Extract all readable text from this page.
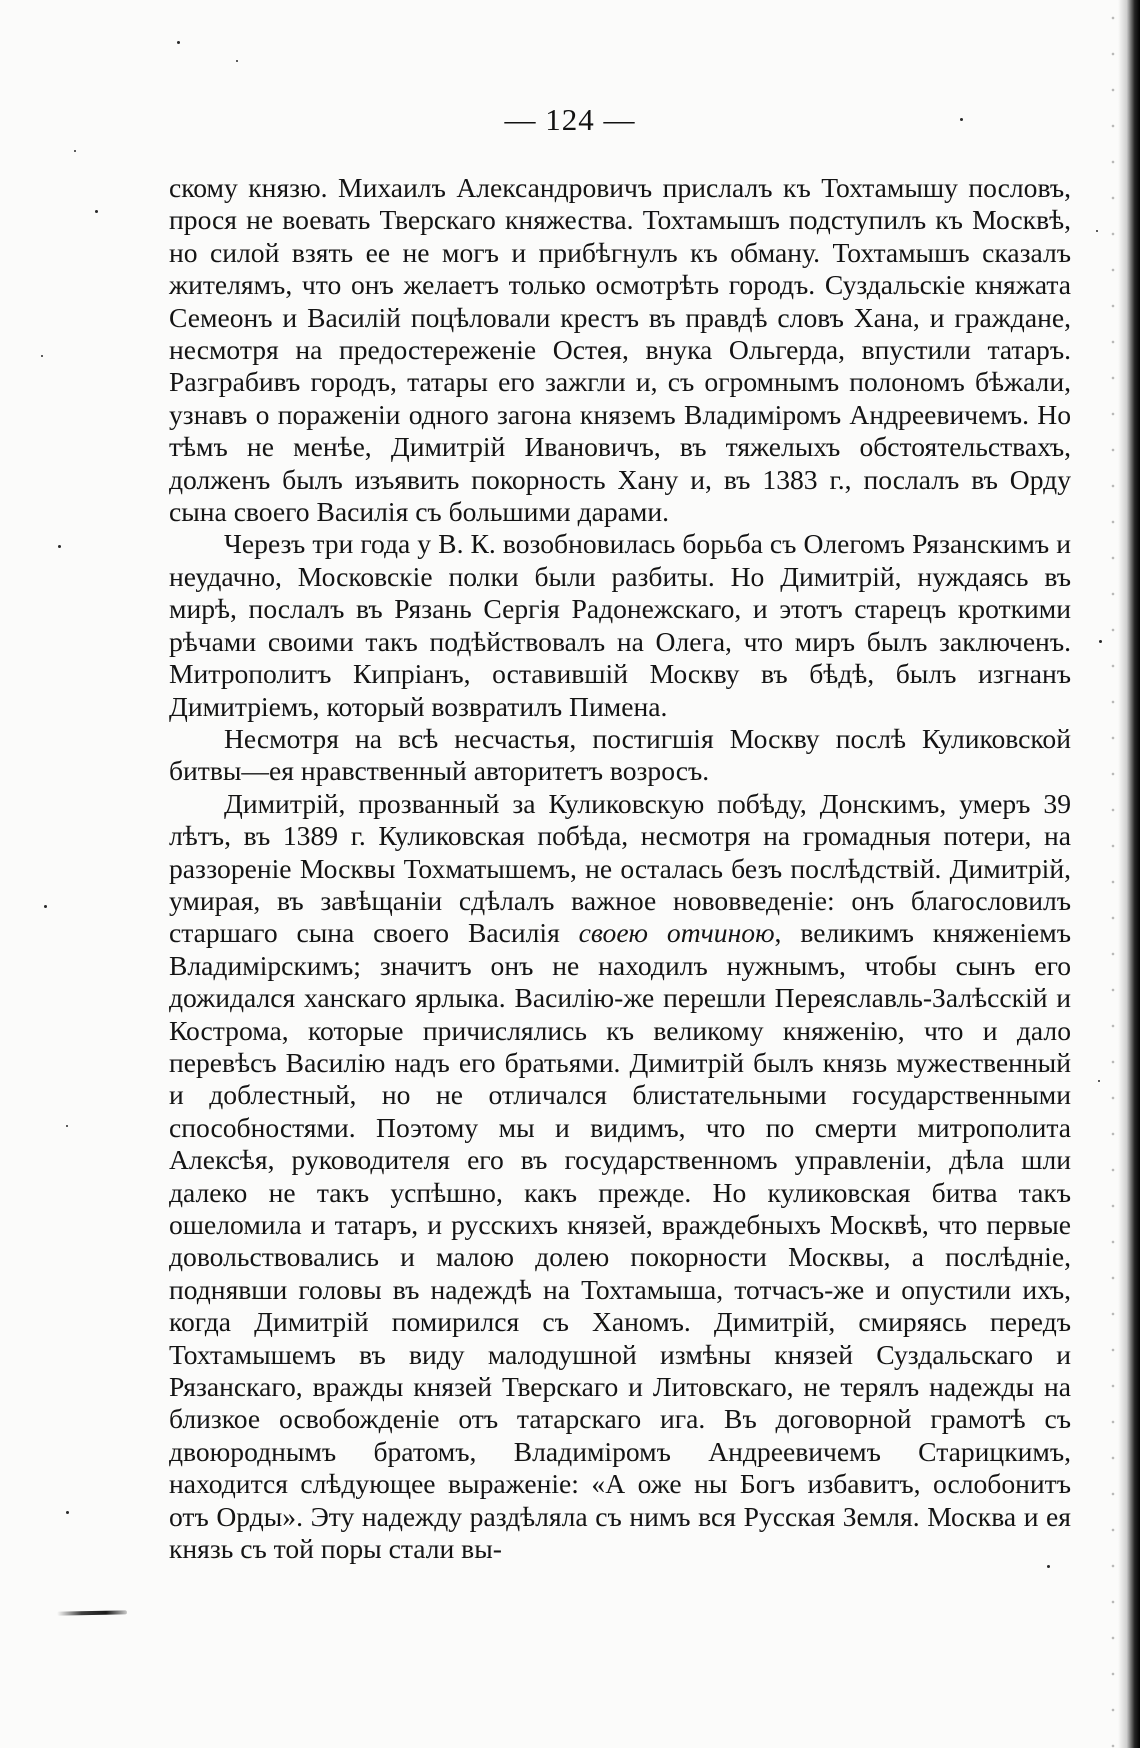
— 124 —

скому князю. Михаилъ Александровичъ прислалъ къ Тохтамышу пословъ, прося не воевать Тверскаго княжества. Тохтамышъ подступилъ къ Москвѣ, но силой взять ее не могъ и прибѣгнулъ къ обману. Тохтамышъ сказалъ жителямъ, что онъ желаетъ только осмотрѣть городъ. Суздальскіе княжата Семеонъ и Василій поцѣловали крестъ въ правдѣ словъ Хана, и граждане, несмотря на предостереженіе Остея, внука Ольгерда, впустили татаръ. Разграбивъ городъ, татары его зажгли и, съ огромнымъ полономъ бѣжали, узнавъ о пораженіи одного загона княземъ Владиміромъ Андреевичемъ. Но тѣмъ не менѣе, Димитрій Ивановичъ, въ тяжелыхъ обстоятельствахъ, долженъ былъ изъявить покорность Хану и, въ 1383 г., послалъ въ Орду сына своего Василія съ большими дарами.

Черезъ три года у В. К. возобновилась борьба съ Олегомъ Рязанскимъ и неудачно, Московскіе полки были разбиты. Но Димитрій, нуждаясь въ мирѣ, послалъ въ Рязань Сергія Радонежскаго, и этотъ старецъ кроткими рѣчами своими такъ подѣйствовалъ на Олега, что миръ былъ заключенъ. Митрополитъ Кипріанъ, оставившій Москву въ бѣдѣ, былъ изгнанъ Димитріемъ, который возвратилъ Пимена.

Несмотря на всѣ несчастья, постигшія Москву послѣ Куликовской битвы—ея нравственный авторитетъ возросъ.

Димитрій, прозванный за Куликовскую побѣду, Донскимъ, умеръ 39 лѣтъ, въ 1389 г. Куликовская побѣда, несмотря на громадныя потери, на раззореніе Москвы Тохматышемъ, не осталась безъ послѣдствій. Димитрій, умирая, въ завѣщаніи сдѣлалъ важное нововведеніе: онъ благословилъ старшаго сына своего Василія своею отчиною, великимъ княженіемъ Владимірскимъ; значитъ онъ не находилъ нужнымъ, чтобы сынъ его дожидался ханскаго ярлыка. Василію-же перешли Переяславль-Залѣсскій и Кострома, которые причислялись къ великому княженію, что и дало перевѣсъ Василію надъ его братьями. Димитрій былъ князь мужественный и доблестный, но не отличался блистательными государственными способностями. Поэтому мы и видимъ, что по смерти митрополита Алексѣя, руководителя его въ государственномъ управленіи, дѣла шли далеко не такъ успѣшно, какъ прежде. Но куликовская битва такъ ошеломила и татаръ, и русскихъ князей, враждебныхъ Москвѣ, что первые довольствовались и малою долею покорности Москвы, а послѣдніе, поднявши головы въ надеждѣ на Тохтамыша, тотчасъ-же и опустили ихъ, когда Димитрій помирился съ Ханомъ. Димитрій, смиряясь передъ Тохтамышемъ въ виду малодушной измѣны князей Суздальскаго и Рязанскаго, вражды князей Тверскаго и Литовскаго, не терялъ надежды на близкое освобожденіе отъ татарскаго ига. Въ договорной грамотѣ съ двоюроднымъ братомъ, Владиміромъ Андреевичемъ Старицкимъ, находится слѣдующее выраженіе: «А оже ны Богъ избавитъ, ослобонитъ отъ Орды». Эту надежду раздѣляла съ нимъ вся Русская Земля. Москва и ея князь съ той поры стали вы-
